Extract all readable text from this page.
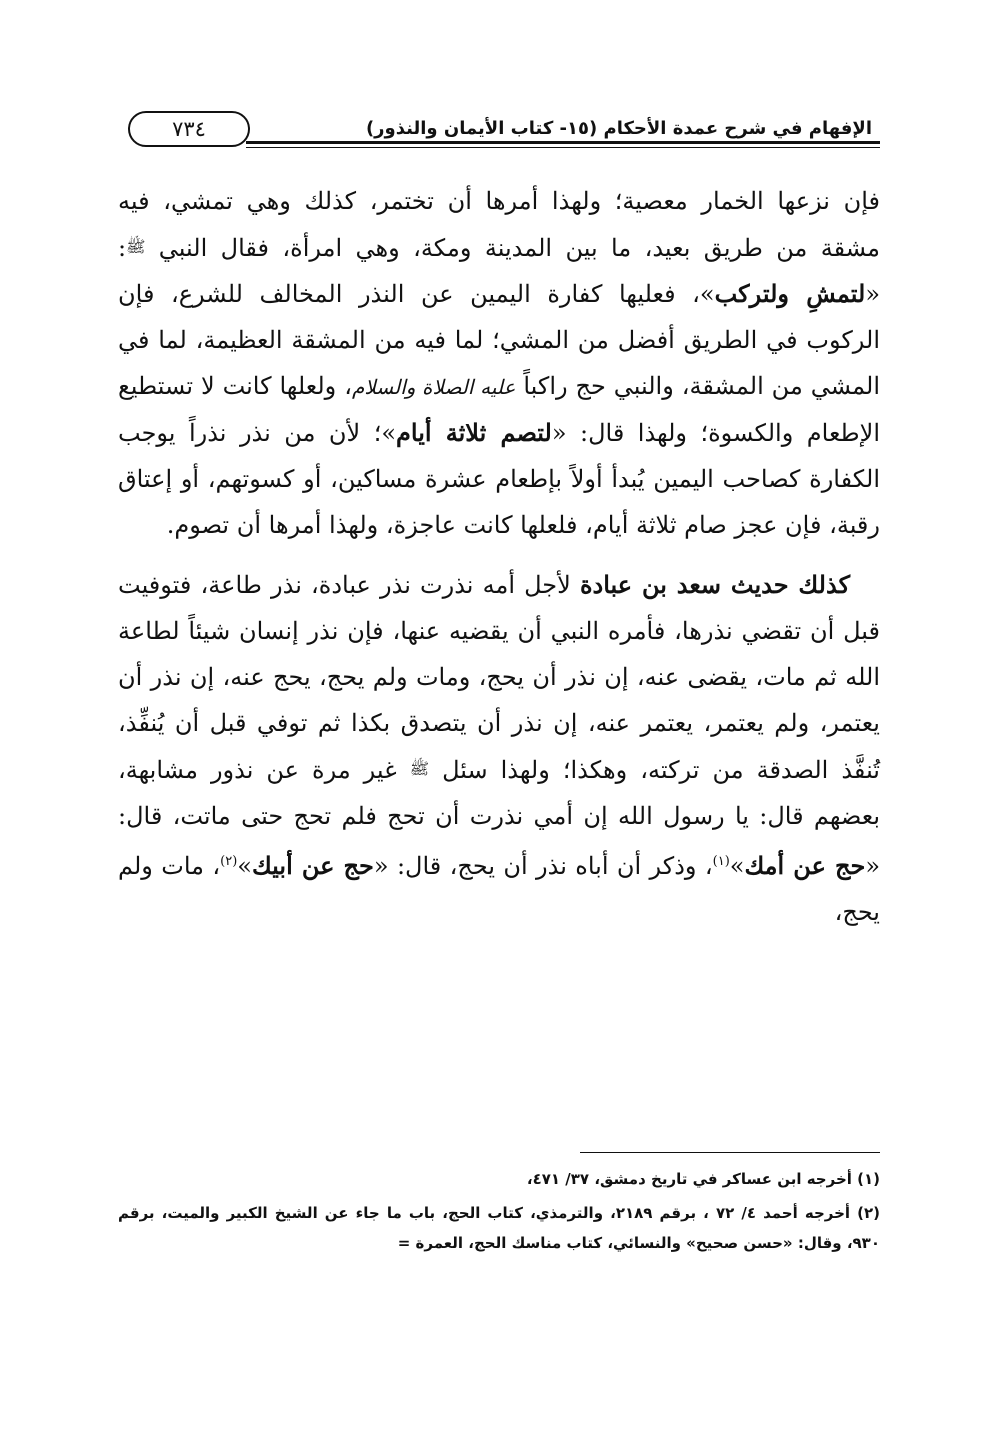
الإفهام في شرح عمدة الأحكام (١٥- كتاب الأيمان والنذور)
٧٣٤

فإن نزعها الخمار معصية؛ ولهذا أمرها أن تختمر، كذلك وهي تمشي، فيه مشقة من طريق بعيد، ما بين المدينة ومكة، وهي امرأة، فقال النبي ﷺ: «لتمشِ ولتركب»، فعليها كفارة اليمين عن النذر المخالف للشرع، فإن الركوب في الطريق أفضل من المشي؛ لما فيه من المشقة العظيمة، لما في المشي من المشقة، والنبي حج راكباً عليه الصلاة والسلام، ولعلها كانت لا تستطيع الإطعام والكسوة؛ ولهذا قال: «لتصم ثلاثة أيام»؛ لأن من نذر نذراً يوجب الكفارة كصاحب اليمين يُبدأ أولاً بإطعام عشرة مساكين، أو كسوتهم، أو إعتاق رقبة، فإن عجز صام ثلاثة أيام، فلعلها كانت عاجزة، ولهذا أمرها أن تصوم.

كذلك حديث سعد بن عبادة لأجل أمه نذرت نذر عبادة، نذر طاعة، فتوفيت قبل أن تقضي نذرها، فأمره النبي أن يقضيه عنها، فإن نذر إنسان شيئاً لطاعة الله ثم مات، يقضى عنه، إن نذر أن يحج، ومات ولم يحج، يحج عنه، إن نذر أن يعتمر، ولم يعتمر، يعتمر عنه، إن نذر أن يتصدق بكذا ثم توفي قبل أن يُنفِّذ، تُنفَّذ الصدقة من تركته، وهكذا؛ ولهذا سئل ﷺ غير مرة عن نذور مشابهة، بعضهم قال: يا رسول الله إن أمي نذرت أن تحج فلم تحج حتى ماتت، قال: «حج عن أمك»$^{(١)}$، وذكر أن أباه نذر أن يحج، قال: «حج عن أبيك»$^{(٢)}$، مات ولم يحج،

(١) أخرجه ابن عساكر في تاريخ دمشق، ٣٧/ ٤٧١،

(٢) أخرجه أحمد ٤/ ٧٢ ، برقم ٢١٨٩، والترمذي، كتاب الحج، باب ما جاء عن الشيخ الكبير والميت، برقم ٩٣٠، وقال: «حسن صحيح» والنسائي، كتاب مناسك الحج، العمرة =
